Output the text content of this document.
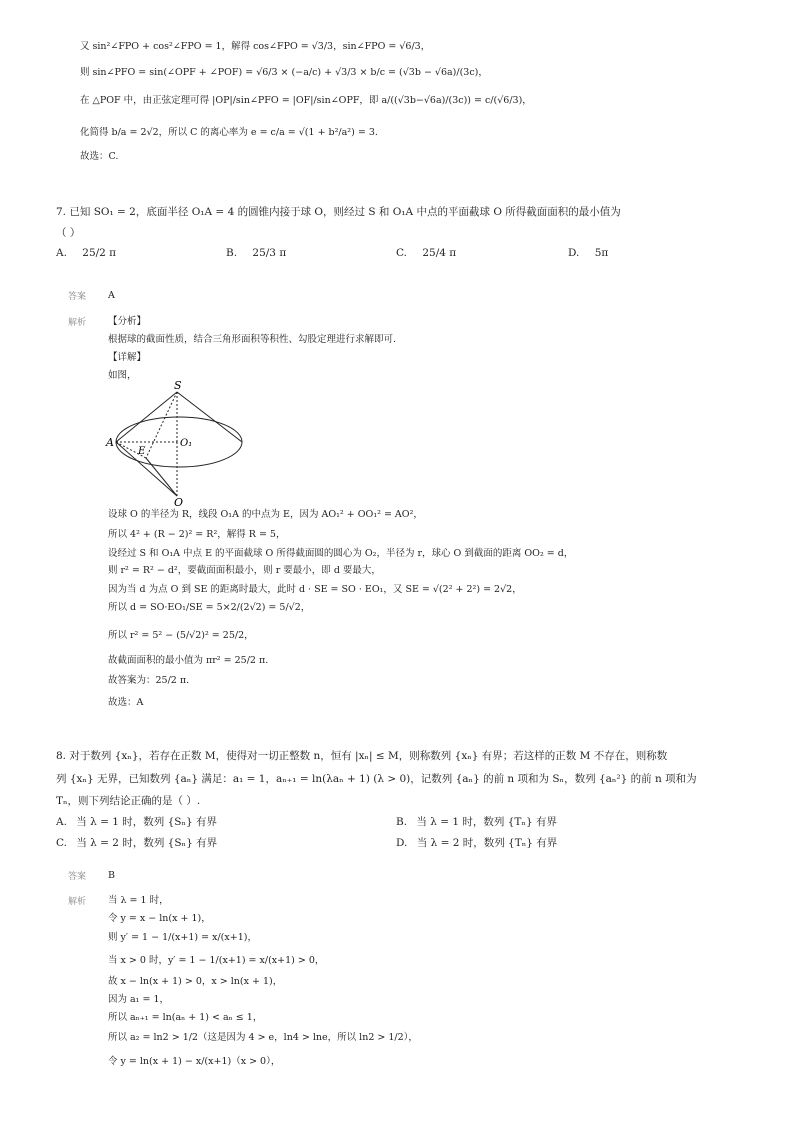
又 sin²∠FPO + cos²∠FPO = 1，解得 cos∠FPO = √3/3，sin∠FPO = √6/3，
则 sin∠PFO = sin(∠OPF + ∠POF) = √6/3 × (−a/c) + √3/3 × b/c = (√3b − √6a)/(3c)，
在 △POF 中，由正弦定理可得 |OP|/sin∠PFO = |OF|/sin∠OPF，即 a/((√3b−√6a)/(3c)) = c/(√6/3)，
化简得 b/a = 2√2，所以 C 的离心率为 e = c/a = √(1 + b²/a²) = 3.
故选：C.
7. 已知 SO₁ = 2，底面半径 O₁A = 4 的圆锥内接于球 O，则经过 S 和 O₁A 中点的平面截球 O 所得截面面积的最小值为
（ ）
A. 25/2 π	B. 25/3 π	C. 25/4 π	D. 5π
答案 A
解析 【分析】
根据球的截面性质，结合三角形面积等积性、勾股定理进行求解即可.
【详解】
如图，
S
A	O₁
E
O
设球 O 的半径为 R，线段 O₁A 的中点为 E，因为 AO₁² + OO₁² = AO²，
所以 4² + (R − 2)² = R²，解得 R = 5，
设经过 S 和 O₁A 中点 E 的平面截球 O 所得截面圆的圆心为 O₂，半径为 r，球心 O 到截面的距离 OO₂ = d，
则 r² = R² − d²，要截面面积最小，则 r 要最小，即 d 要最大，
因为当 d 为点 O 到 SE 的距离时最大，此时 d · SE = SO · EO₁，又 SE = √(2² + 2²) = 2√2，
所以 d = SO·EO₁/SE = 5×2/(2√2) = 5/√2，
所以 r² = 5² − (5/√2)² = 25/2，
故截面面积的最小值为 πr² = 25/2 π.
故答案为：25/2 π.
故选：A
8. 对于数列 {xₙ}，若存在正数 M，使得对一切正整数 n，恒有 |xₙ| ≤ M，则称数列 {xₙ} 有界；若这样的正数 M 不存在，则称数
列 {xₙ} 无界，已知数列 {aₙ} 满足：a₁ = 1，aₙ₊₁ = ln(λaₙ + 1) (λ > 0)，记数列 {aₙ} 的前 n 项和为 Sₙ，数列 {aₙ²} 的前 n 项和为
Tₙ，则下列结论正确的是（ ）.
A. 当 λ = 1 时，数列 {Sₙ} 有界	B. 当 λ = 1 时，数列 {Tₙ} 有界
C. 当 λ = 2 时，数列 {Sₙ} 有界	D. 当 λ = 2 时，数列 {Tₙ} 有界
答案 B
解析 当 λ = 1 时，
令 y = x − ln(x + 1)，
则 y′ = 1 − 1/(x+1) = x/(x+1)，
当 x > 0 时，y′ = 1 − 1/(x+1) = x/(x+1) > 0，
故 x − ln(x + 1) > 0，x > ln(x + 1)，
因为 a₁ = 1，
所以 aₙ₊₁ = ln(aₙ + 1) < aₙ ≤ 1，
所以 a₂ = ln2 > 1/2（这是因为 4 > e，ln4 > lne，所以 ln2 > 1/2），
令 y = ln(x + 1) − x/(x+1)（x > 0），
